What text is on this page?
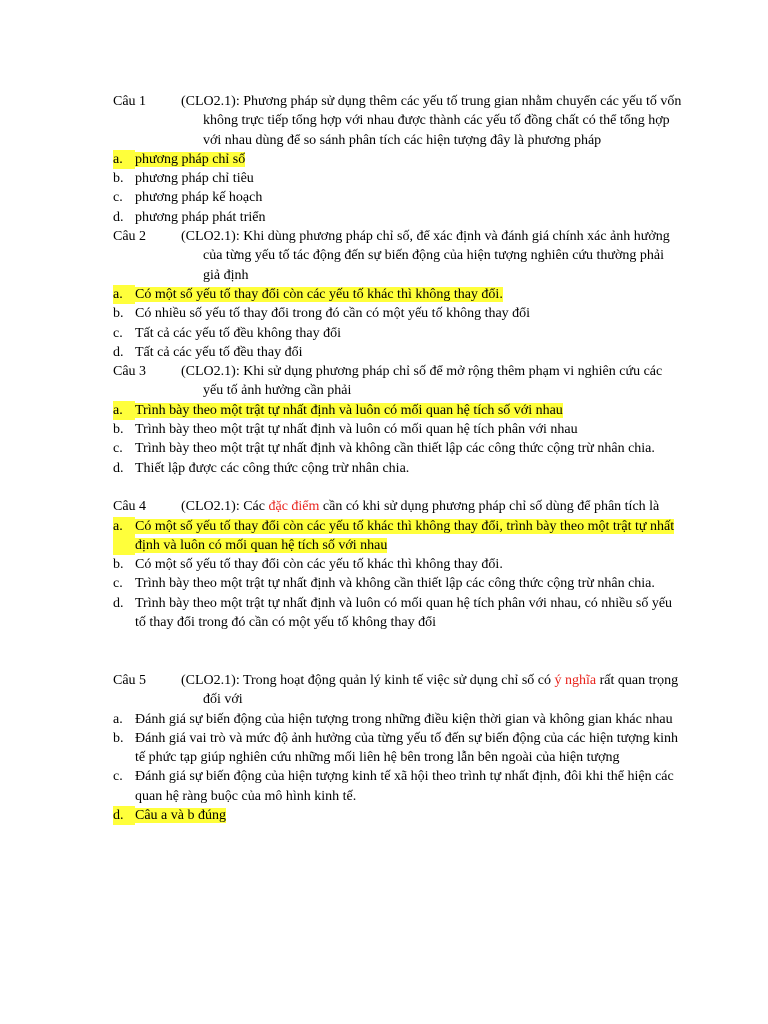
Câu 1	(CLO2.1): Phương pháp sử dụng thêm các yếu tố trung gian nhằm chuyển các yếu tố vốn không trực tiếp tổng hợp với nhau được thành các yếu tố đồng chất có thể tổng hợp với nhau dùng để so sánh phân tích các hiện tượng đây là phương pháp
a. phương pháp chỉ số
b. phương pháp chỉ tiêu
c. phương pháp kế hoạch
d. phương pháp phát triển
Câu 2	(CLO2.1): Khi dùng phương pháp chỉ số, để xác định và đánh giá chính xác ảnh hưởng của từng yếu tố tác động đến sự biến động của hiện tượng nghiên cứu thường phải giả định
a. Có một số yếu tố thay đổi còn các yếu tố khác thì không thay đổi.
b. Có nhiều số yếu tố thay đổi trong đó cần có một yếu tố không thay đổi
c. Tất cả các yếu tố đều không thay đổi
d. Tất cả các yếu tố đều thay đổi
Câu 3	(CLO2.1): Khi sử dụng phương pháp chỉ số để mở rộng thêm phạm vi nghiên cứu các yếu tố ảnh hưởng cần phải
a. Trình bày theo một trật tự nhất định và luôn có mối quan hệ tích số với nhau
b. Trình bày theo một trật tự nhất định và luôn có mối quan hệ tích phân với nhau
c. Trình bày theo một trật tự nhất định và không cần thiết lập các công thức cộng trừ nhân chia.
d. Thiết lập được các công thức cộng trừ nhân chia.
Câu 4	(CLO2.1): Các đặc điểm cần có khi sử dụng phương pháp chỉ số dùng để phân tích là
a. Có một số yếu tố thay đổi còn các yếu tố khác thì không thay đổi, trình bày theo một trật tự nhất định và luôn có mối quan hệ tích số với nhau
b. Có một số yếu tố thay đổi còn các yếu tố khác thì không thay đổi.
c. Trình bày theo một trật tự nhất định và không cần thiết lập các công thức cộng trừ nhân chia.
d. Trình bày theo một trật tự nhất định và luôn có mối quan hệ tích phân với nhau, có nhiều số yếu tố thay đổi trong đó cần có một yếu tố không thay đổi
Câu 5	(CLO2.1): Trong hoạt động quản lý kinh tế việc sử dụng chỉ số có ý nghĩa rất quan trọng đối với
a. Đánh giá sự biến động của hiện tượng trong những điều kiện thời gian và không gian khác nhau
b. Đánh giá vai trò và mức độ ảnh hưởng của từng yếu tố đến sự biến động của các hiện tượng kinh tế phức tạp giúp nghiên cứu những mối liên hệ bên trong lẫn bên ngoài của hiện tượng
c. Đánh giá sự biến động của hiện tượng kinh tế xã hội theo trình tự nhất định, đôi khi thể hiện các quan hệ ràng buộc của mô hình kinh tế.
d. Câu a và b đúng
